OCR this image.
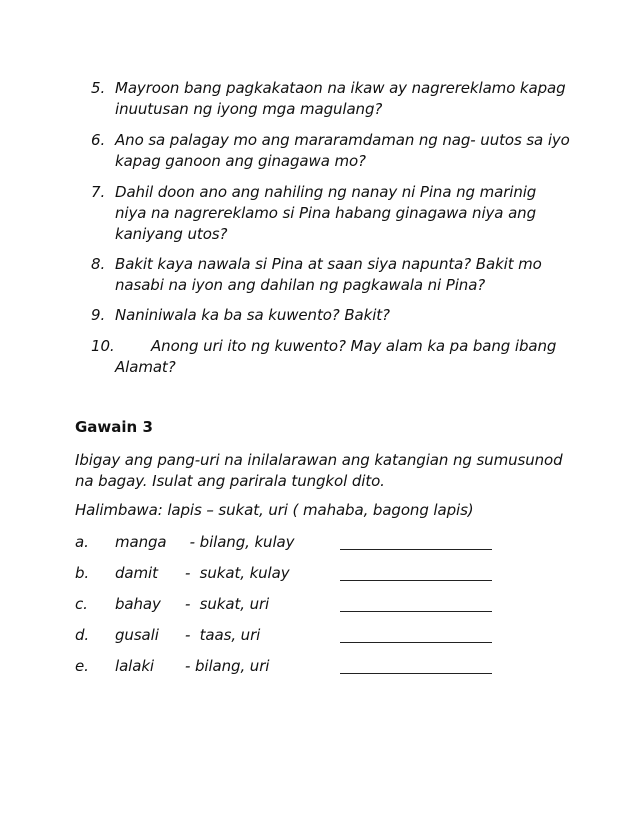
5. Mayroon bang pagkakataon na ikaw ay nagrereklamo kapag inuutusan ng iyong mga magulang?
6. Ano sa palagay mo ang mararamdaman ng nag- uutos sa iyo kapag ganoon ang ginagawa mo?
7. Dahil doon ano ang nahiling ng nanay ni Pina ng marinig niya na nagrereklamo si Pina habang ginagawa niya ang kaniyang utos?
8. Bakit kaya nawala si Pina at saan siya napunta? Bakit mo nasabi na iyon ang dahilan ng pagkawala ni Pina?
9. Naniniwala ka ba sa kuwento? Bakit?
10.	Anong uri ito ng kuwento? May alam ka pa bang ibang Alamat?
Gawain 3
Ibigay ang pang-uri na inilalarawan ang katangian ng sumusunod na bagay. Isulat ang parirala tungkol dito.
Halimbawa: lapis – sukat, uri ( mahaba, bagong lapis)
a. manga - bilang, kulay
b. damit -  sukat, kulay
c. bahay -  sukat, uri
d. gusali -  taas, uri
e. lalaki - bilang, uri
